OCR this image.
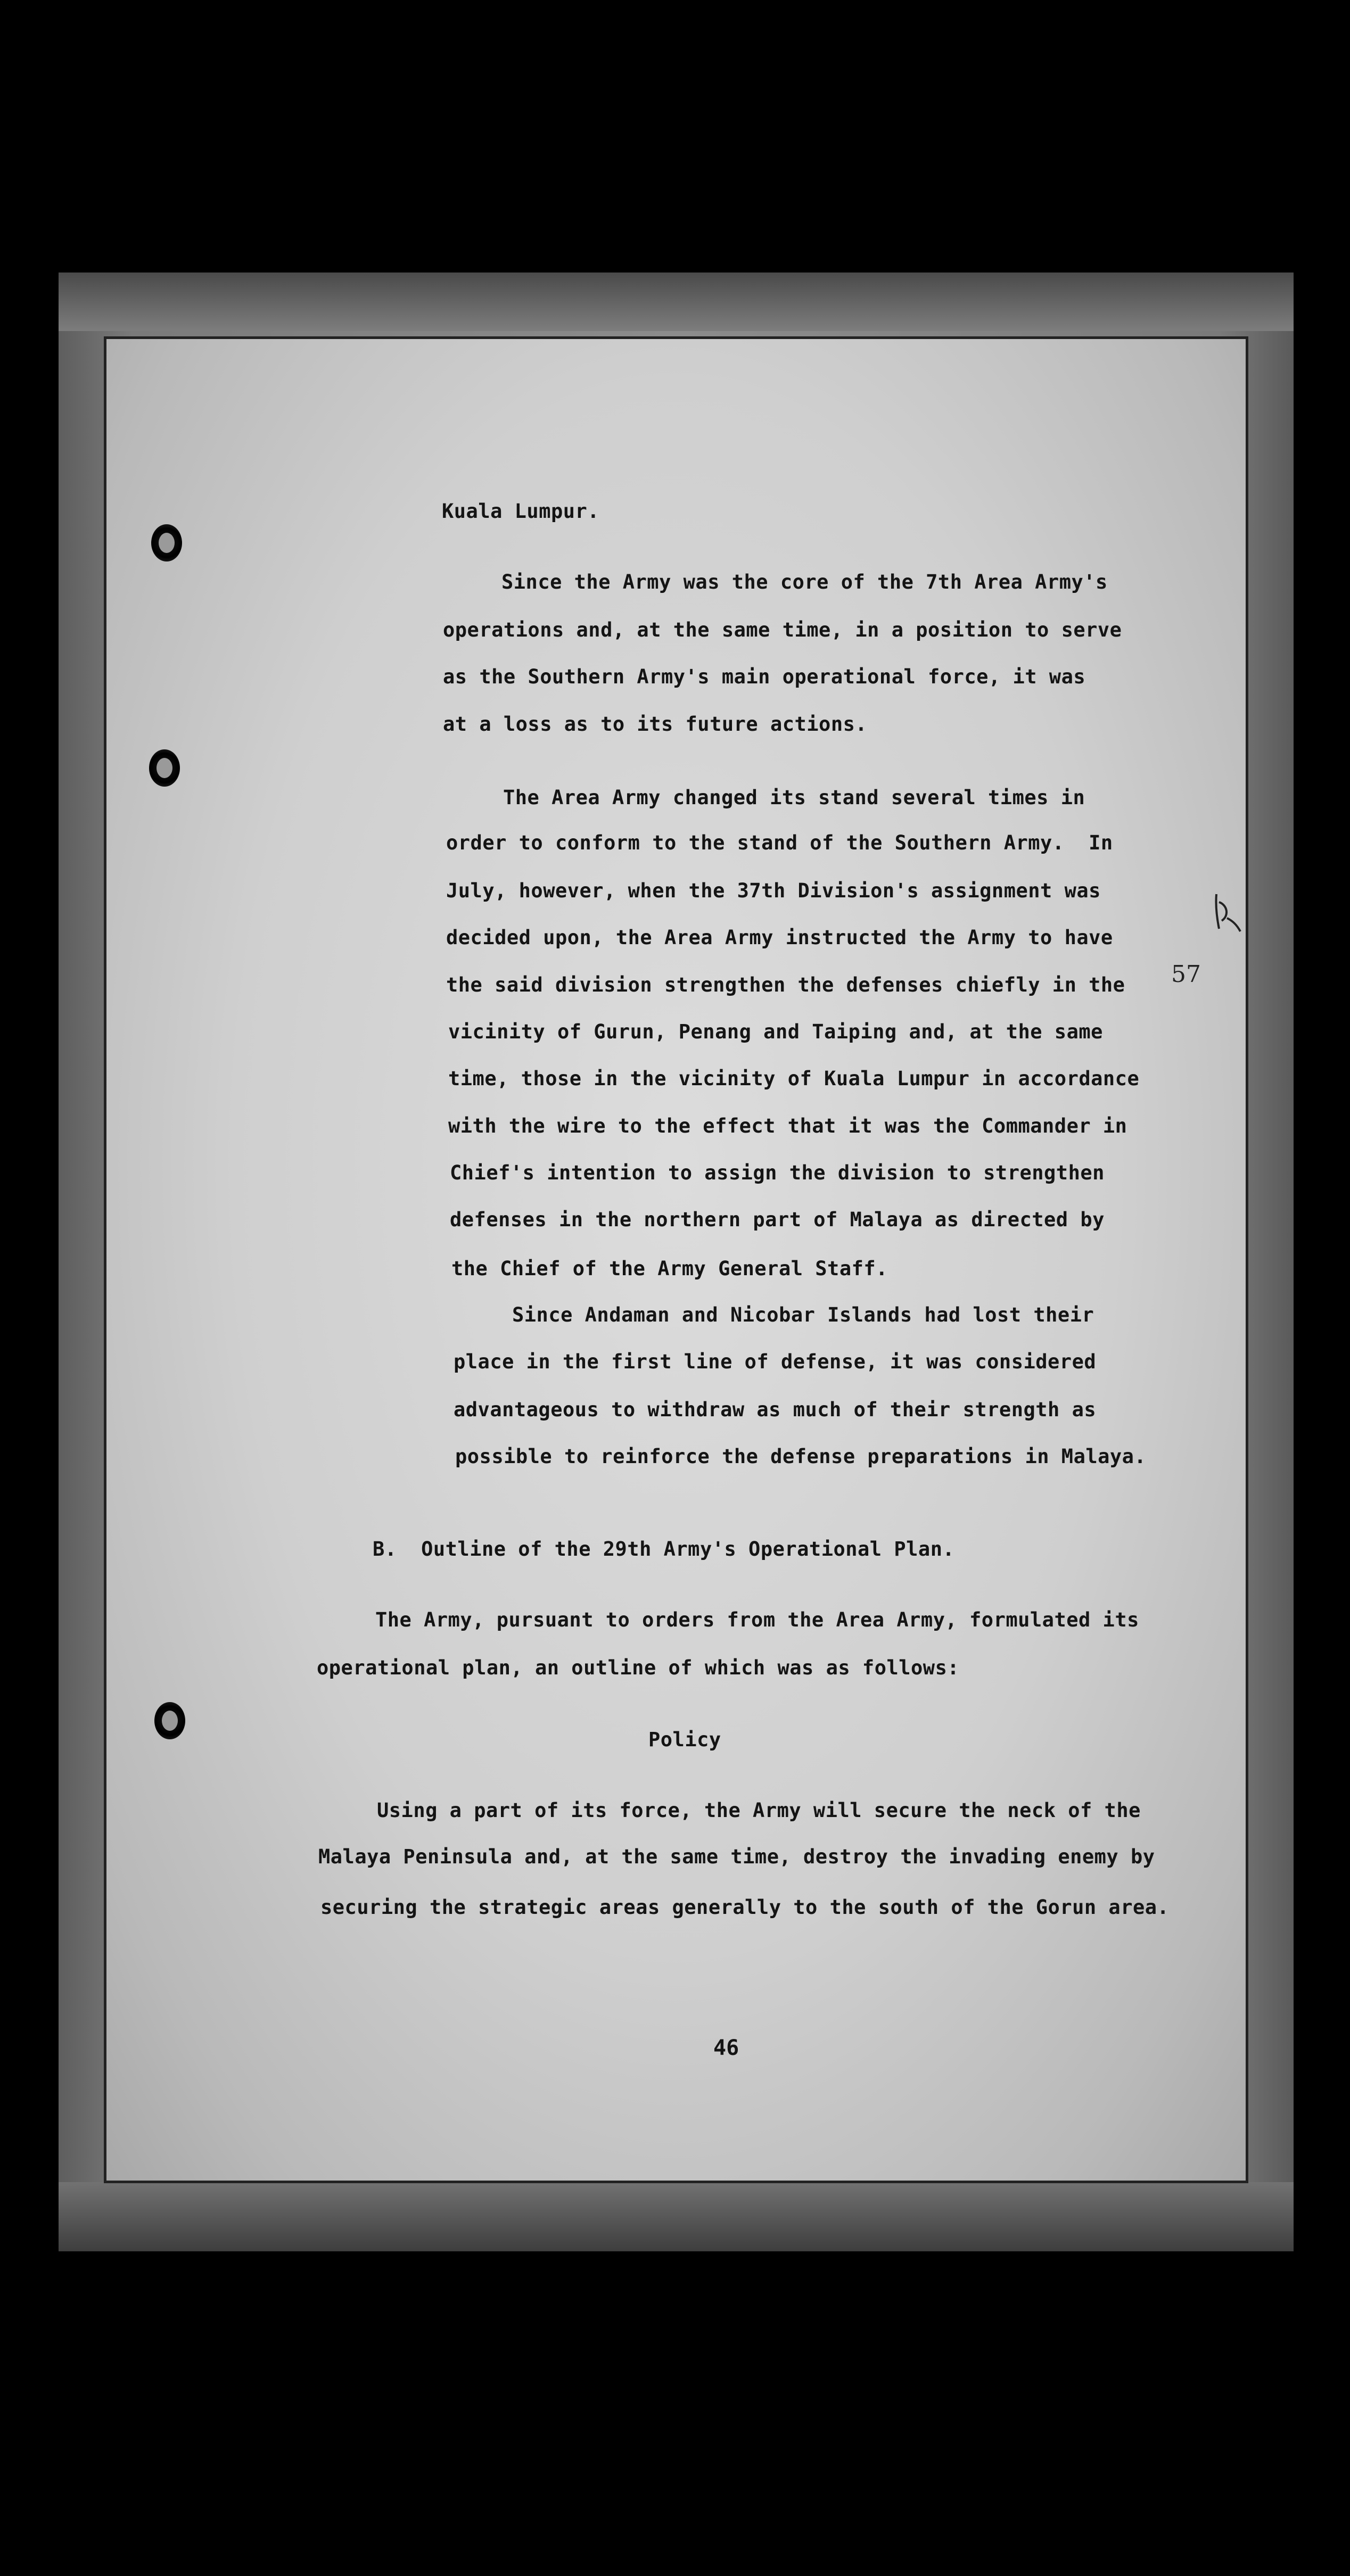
Kuala Lumpur.

Since the Army was the core of the 7th Area Army's

operations and, at the same time, in a position to serve

as the Southern Army's main operational force, it was

at a loss as to its future actions.

The Area Army changed its stand several times in

order to conform to the stand of the Southern Army.  In

July, however, when the 37th Division's assignment was

decided upon, the Area Army instructed the Army to have

the said division strengthen the defenses chiefly in the

vicinity of Gurun, Penang and Taiping and, at the same

time, those in the vicinity of Kuala Lumpur in accordance

with the wire to the effect that it was the Commander in

Chief's intention to assign the division to strengthen

defenses in the northern part of Malaya as directed by

the Chief of the Army General Staff.

Since Andaman and Nicobar Islands had lost their

place in the first line of defense, it was considered

advantageous to withdraw as much of their strength as

possible to reinforce the defense preparations in Malaya.

B.  Outline of the 29th Army's Operational Plan.

The Army, pursuant to orders from the Area Army, formulated its

operational plan, an outline of which was as follows:

Policy

Using a part of its force, the Army will secure the neck of the

Malaya Peninsula and, at the same time, destroy the invading enemy by

securing the strategic areas generally to the south of the Gorun area.

57
46
